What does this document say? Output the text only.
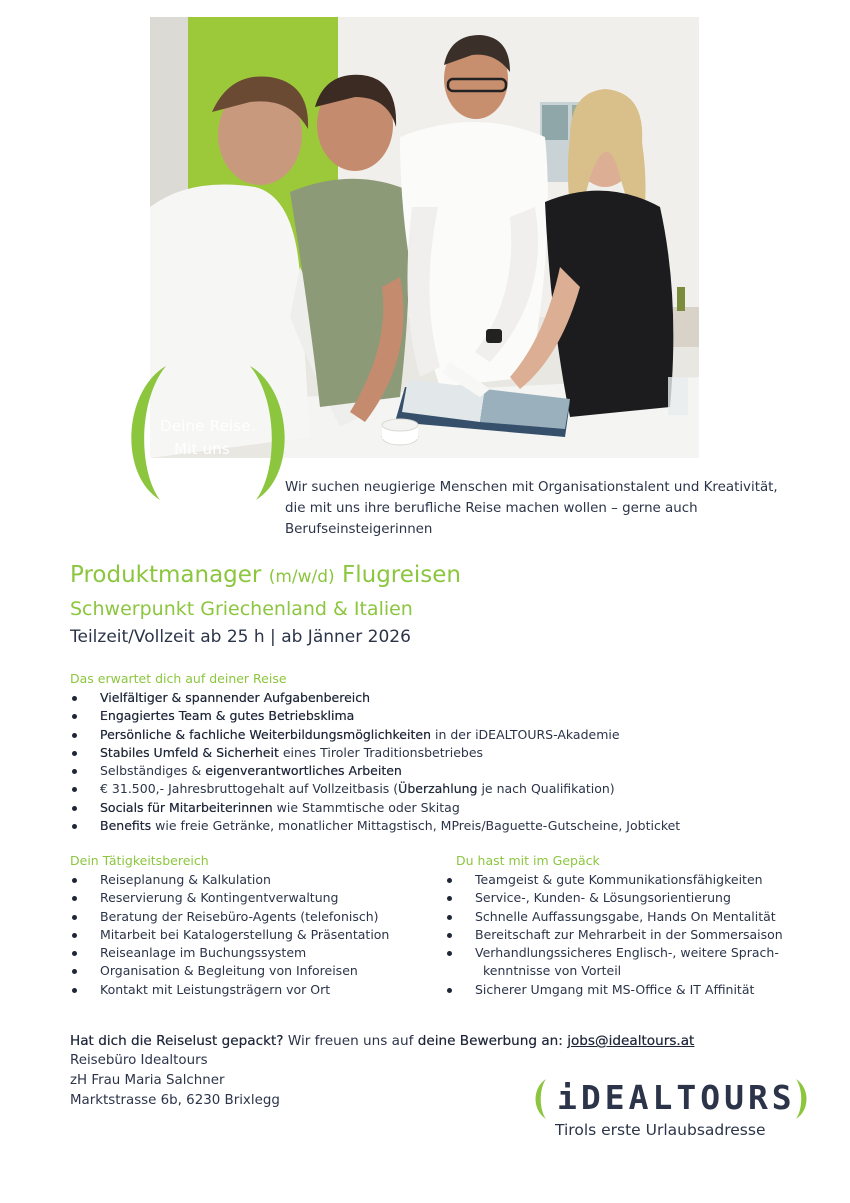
Deine Reise.
Mit uns
Wir suchen neugierige Menschen mit Organisationstalent und Kreativität, die mit uns ihre berufliche Reise machen wollen – gerne auch Berufseinsteigerinnen
Produktmanager (m/w/d) Flugreisen
Schwerpunkt Griechenland & Italien
Teilzeit/Vollzeit ab 25 h | ab Jänner 2026
Das erwartet dich auf deiner Reise
Vielfältiger & spannender Aufgabenbereich
Engagiertes Team & gutes Betriebsklima
Persönliche & fachliche Weiterbildungsmöglichkeiten in der iDEALTOURS-Akademie
Stabiles Umfeld & Sicherheit eines Tiroler Traditionsbetriebes
Selbständiges & eigenverantwortliches Arbeiten
€ 31.500,- Jahresbruttogehalt auf Vollzeitbasis (Überzahlung je nach Qualifikation)
Socials für Mitarbeiterinnen wie Stammtische oder Skitag
Benefits wie freie Getränke, monatlicher Mittagstisch, MPreis/Baguette-Gutscheine, Jobticket
Dein Tätigkeitsbereich
Reiseplanung & Kalkulation
Reservierung & Kontingentverwaltung
Beratung der Reisebüro-Agents (telefonisch)
Mitarbeit bei Katalogerstellung & Präsentation
Reiseanlage im Buchungssystem
Organisation & Begleitung von Inforeisen
Kontakt mit Leistungsträgern vor Ort
Du hast mit im Gepäck
Teamgeist & gute Kommunikationsfähigkeiten
Service-, Kunden- & Lösungsorientierung
Schnelle Auffassungsgabe, Hands On Mentalität
Bereitschaft zur Mehrarbeit in der Sommersaison
Verhandlungssicheres Englisch-, weitere Sprach-
kenntnisse von Vorteil
Sicherer Umgang mit MS-Office & IT Affinität
Hat dich die Reiselust gepackt? Wir freuen uns auf deine Bewerbung an: jobs@idealtours.at
Reisebüro Idealtours
zH Frau Maria Salchner
Marktstrasse 6b, 6230 Brixlegg	iDEALTOURS
Tirols erste Urlaubsadresse
